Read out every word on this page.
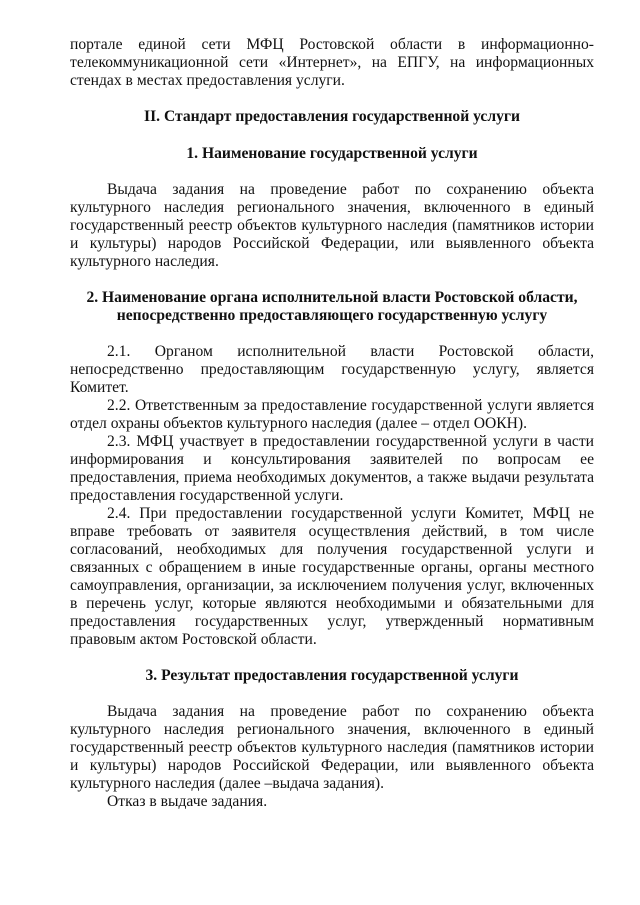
порталe единой сети МФЦ Ростовской области в информационно-телекоммуникационной сети «Интернет», на ЕПГУ, на информационных стендах в местах предоставления услуги.

II. Стандарт предоставления государственной услуги

1. Наименование государственной услуги

Выдача задания на проведение работ по сохранению объекта культурного наследия регионального значения, включенного в единый государственный реестр объектов культурного наследия (памятников истории и культуры) народов Российской Федерации, или выявленного объекта культурного наследия.

2. Наименование органа исполнительной власти Ростовской области, непосредственно предоставляющего государственную услугу

2.1. Органом исполнительной власти Ростовской области, непосредственно предоставляющим государственную услугу, является Комитет.

2.2. Ответственным за предоставление государственной услуги является отдел охраны объектов культурного наследия (далее – отдел ООКН).

2.3. МФЦ участвует в предоставлении государственной услуги в части информирования и консультирования заявителей по вопросам ее предоставления, приема необходимых документов, а также выдачи результата предоставления государственной услуги.

2.4. При предоставлении государственной услуги Комитет, МФЦ не вправе требовать от заявителя осуществления действий, в том числе согласований, необходимых для получения государственной услуги и связанных с обращением в иные государственные органы, органы местного самоуправления, организации, за исключением получения услуг, включенных в перечень услуг, которые являются необходимыми и обязательными для предоставления государственных услуг, утвержденный нормативным правовым актом Ростовской области.

3. Результат предоставления государственной услуги

Выдача задания на проведение работ по сохранению объекта культурного наследия регионального значения, включенного в единый государственный реестр объектов культурного наследия (памятников истории и культуры) народов Российской Федерации, или выявленного объекта культурного наследия (далее –выдача задания).

Отказ в выдаче задания.
